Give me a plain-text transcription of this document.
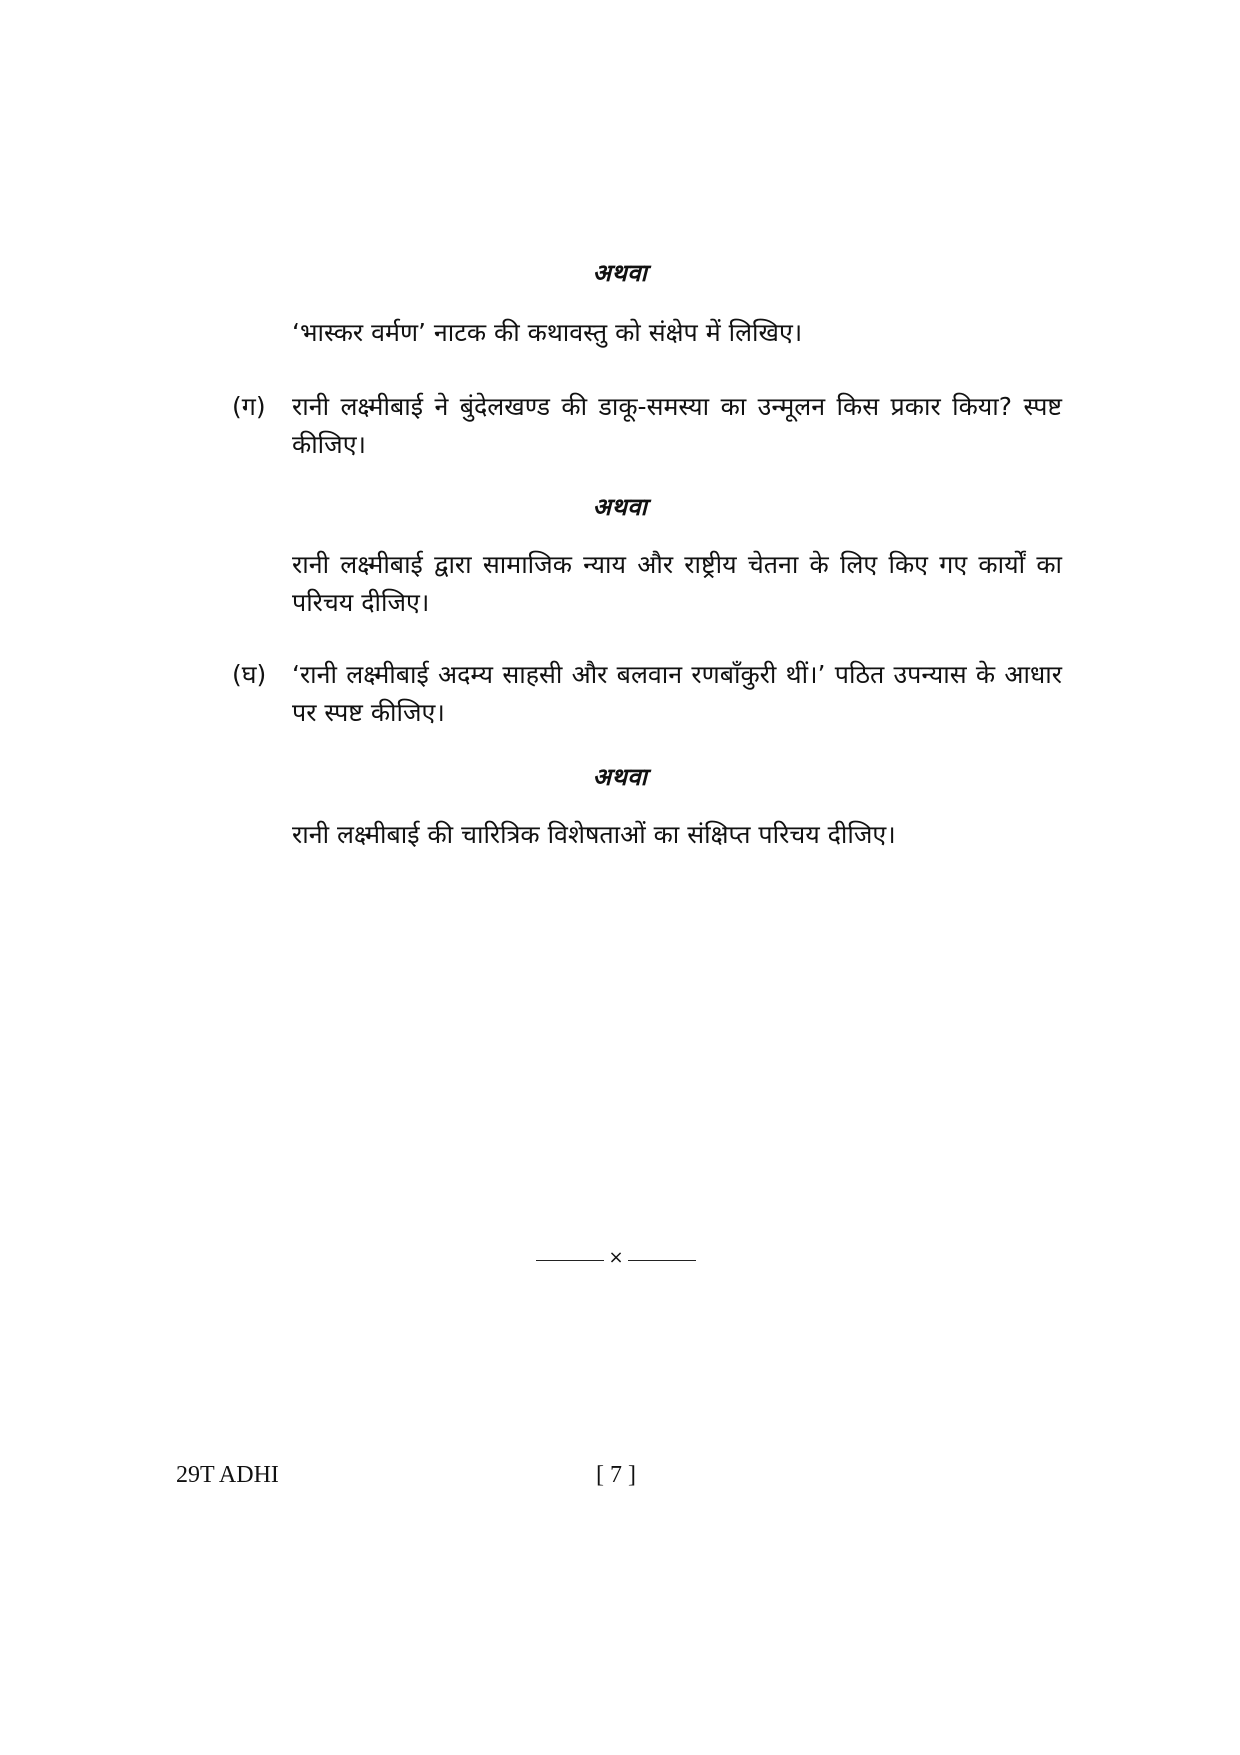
अथवा
‘भास्कर वर्मण’ नाटक की कथावस्तु को संक्षेप में लिखिए।
(ग)	रानी लक्ष्मीबाई ने बुंदेलखण्ड की डाकू-समस्या का उन्मूलन किस प्रकार किया? स्पष्ट कीजिए।
अथवा
रानी लक्ष्मीबाई द्वारा सामाजिक न्याय और राष्ट्रीय चेतना के लिए किए गए कार्यों का परिचय दीजिए।
(घ)	‘रानी लक्ष्मीबाई अदम्य साहसी और बलवान रणबाँकुरी थीं।’ पठित उपन्यास के आधार पर स्पष्ट कीजिए।
अथवा
रानी लक्ष्मीबाई की चारित्रिक विशेषताओं का संक्षिप्त परिचय दीजिए।
×
29T ADHI	[ 7 ]
